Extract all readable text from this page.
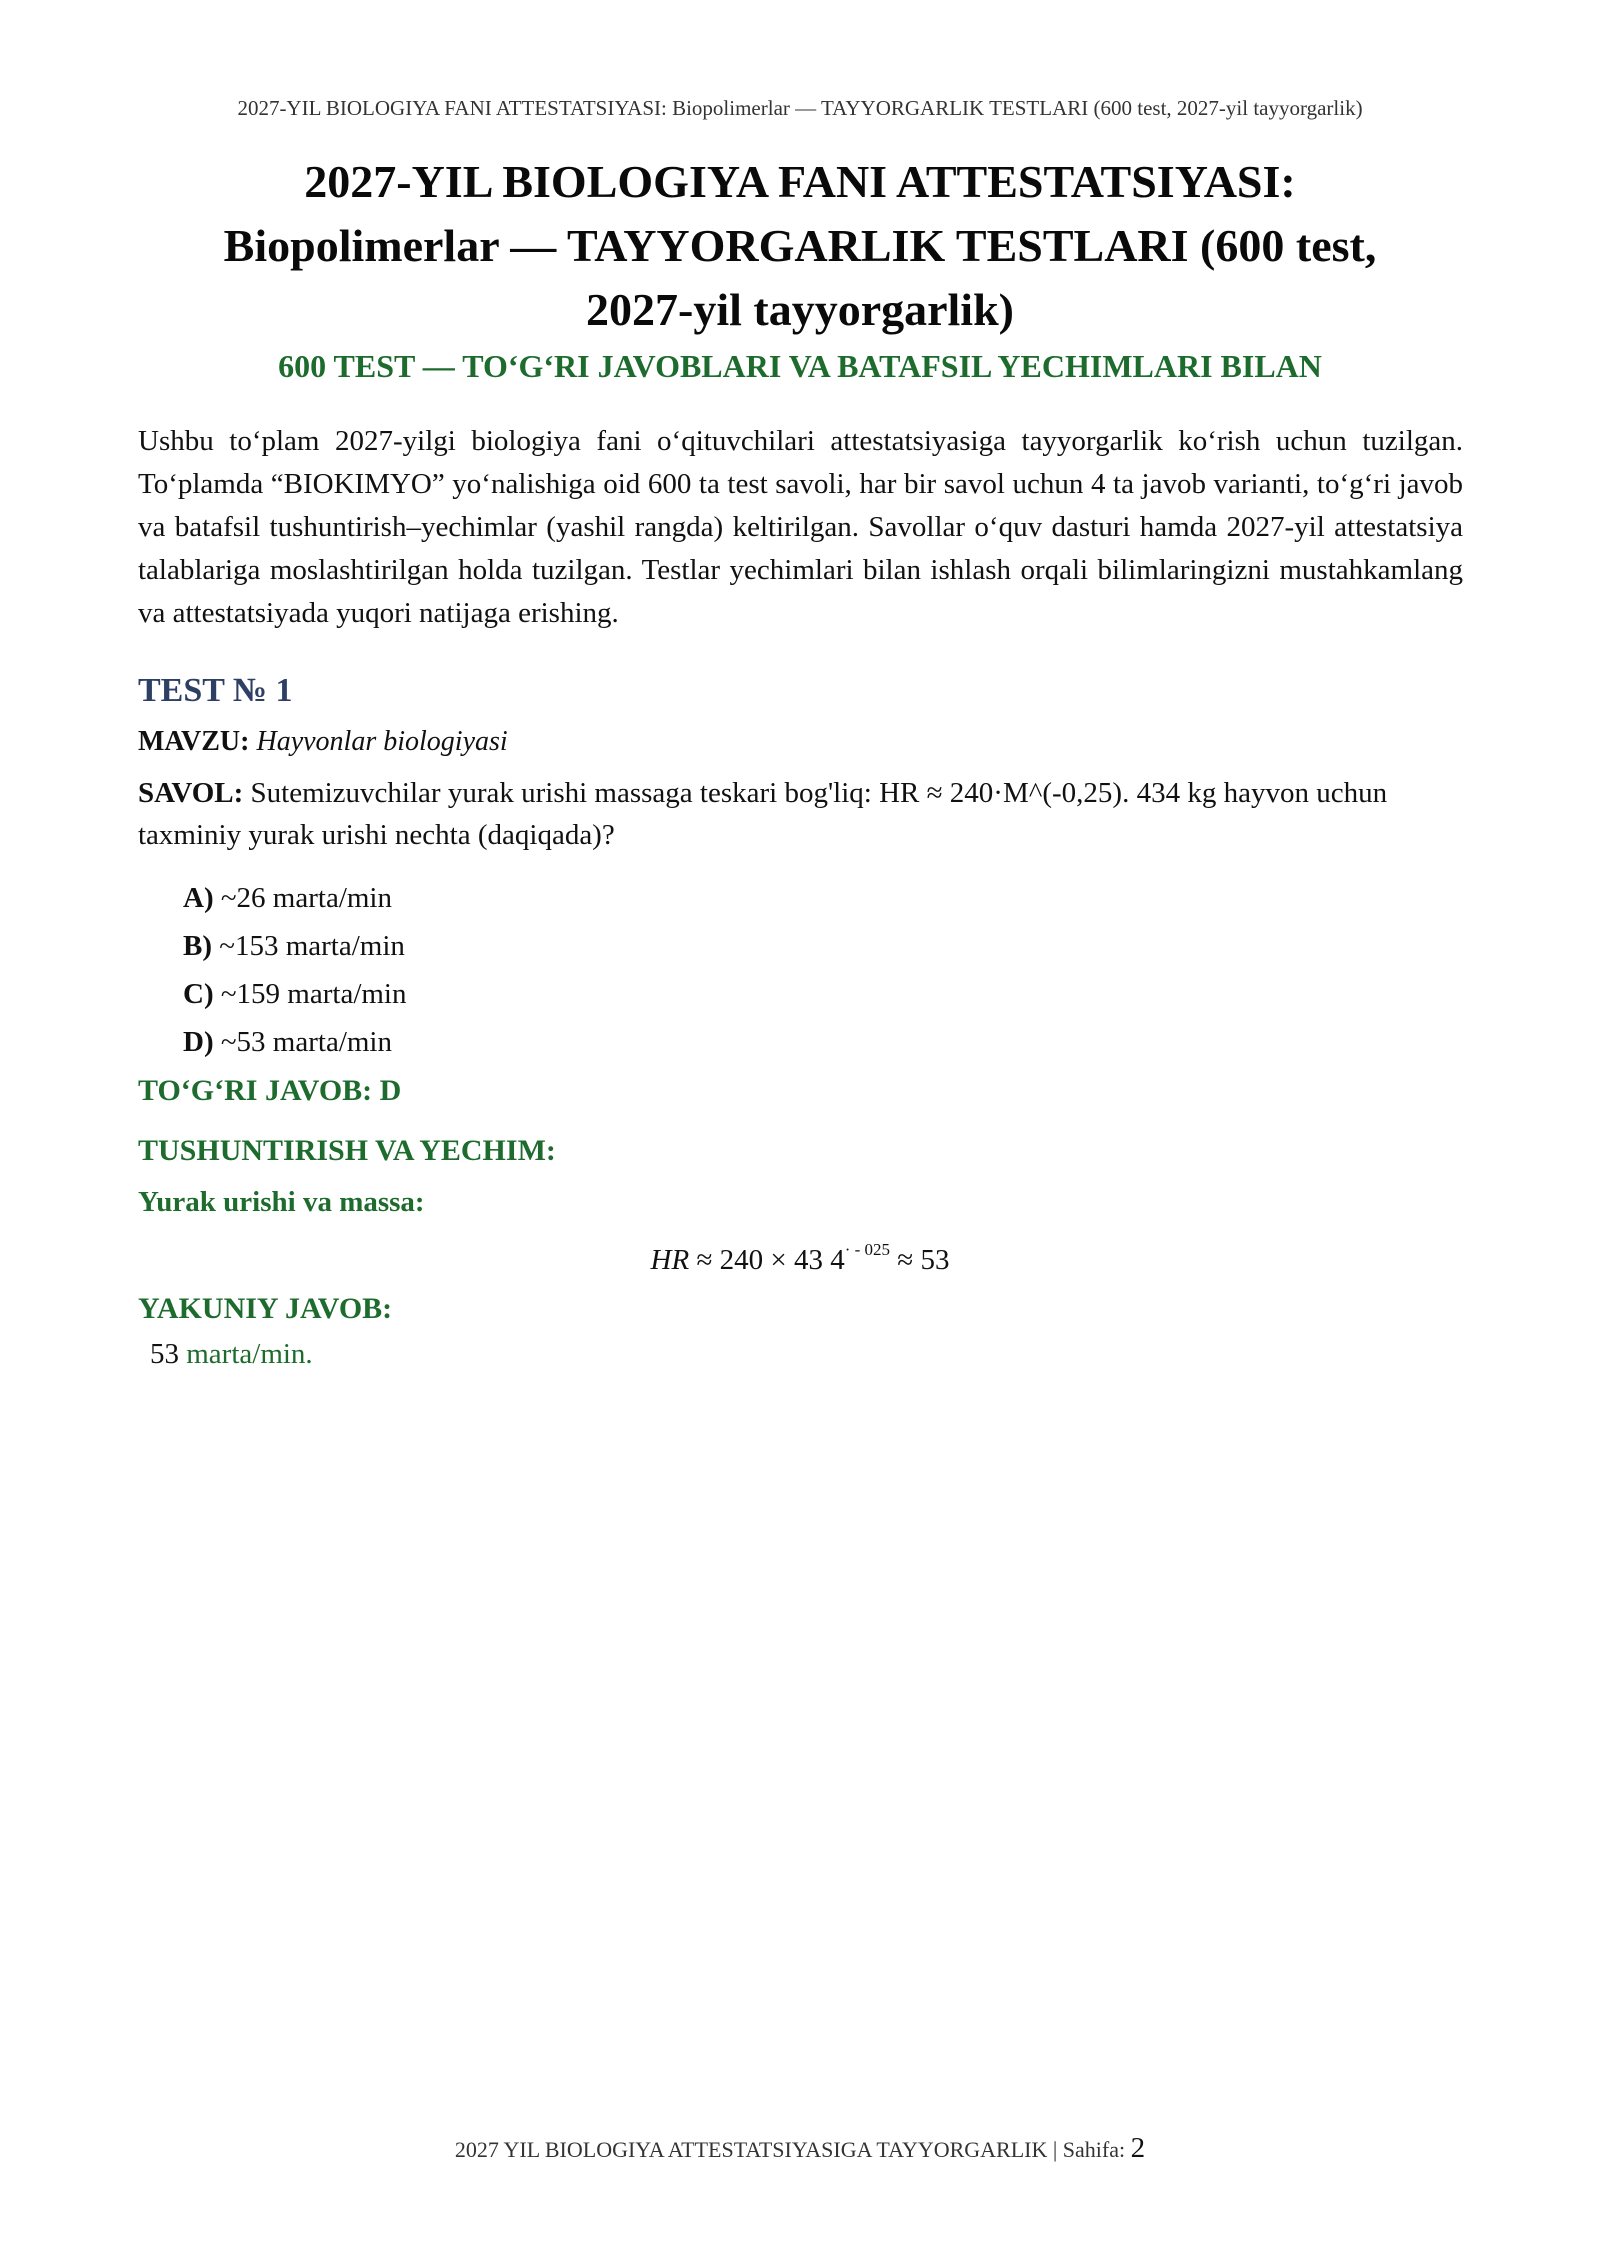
2027-YIL BIOLOGIYA FANI ATTESTATSIYASI: Biopolimerlar — TAYYORGARLIK TESTLARI (600 test, 2027-yil tayyorgarlik)
2027-YIL BIOLOGIYA FANI ATTESTATSIYASI:
Biopolimerlar — TAYYORGARLIK TESTLARI (600 test,
2027-yil tayyorgarlik)
600 TEST — TO‘G‘RI JAVOBLARI VA BATAFSIL YECHIMLARI BILAN

Ushbu to‘plam 2027-yilgi biologiya fani o‘qituvchilari attestatsiyasiga tayyorgarlik ko‘rish uchun tuzilgan. To‘plamda “BIOKIMYO” yo‘nalishiga oid 600 ta test savoli, har bir savol uchun 4 ta javob varianti, to‘g‘ri javob va batafsil tushuntirish–yechimlar (yashil rangda) keltirilgan. Savollar o‘quv dasturi hamda 2027-yil attestatsiya talablariga moslashtirilgan holda tuzilgan. Testlar yechimlari bilan ishlash orqali bilimlaringizni mustahkamlang va attestatsiyada yuqori natijaga erishing.

TEST № 1
MAVZU: Hayvonlar biologiyasi

SAVOL: Sutemizuvchilar yurak urishi massaga teskari bog'liq: HR ≈ 240·M^(-0,25). 434 kg hayvon uchun taxminiy yurak urishi nechta (daqiqada)?

A) ~26 marta/min
B) ~153 marta/min
C) ~159 marta/min
D) ~53 marta/min
TO‘G‘RI JAVOB: D
TUSHUNTIRISH VA YECHIM:
Yurak urishi va massa:
HR ≈ 240 × 43 $4^{\cdot - 025} \approx 53$
YAKUNIY JAVOB:
53 marta/min.
2027 YIL BIOLOGIYA ATTESTATSIYASIGA TAYYORGARLIK | Sahifa: 2
